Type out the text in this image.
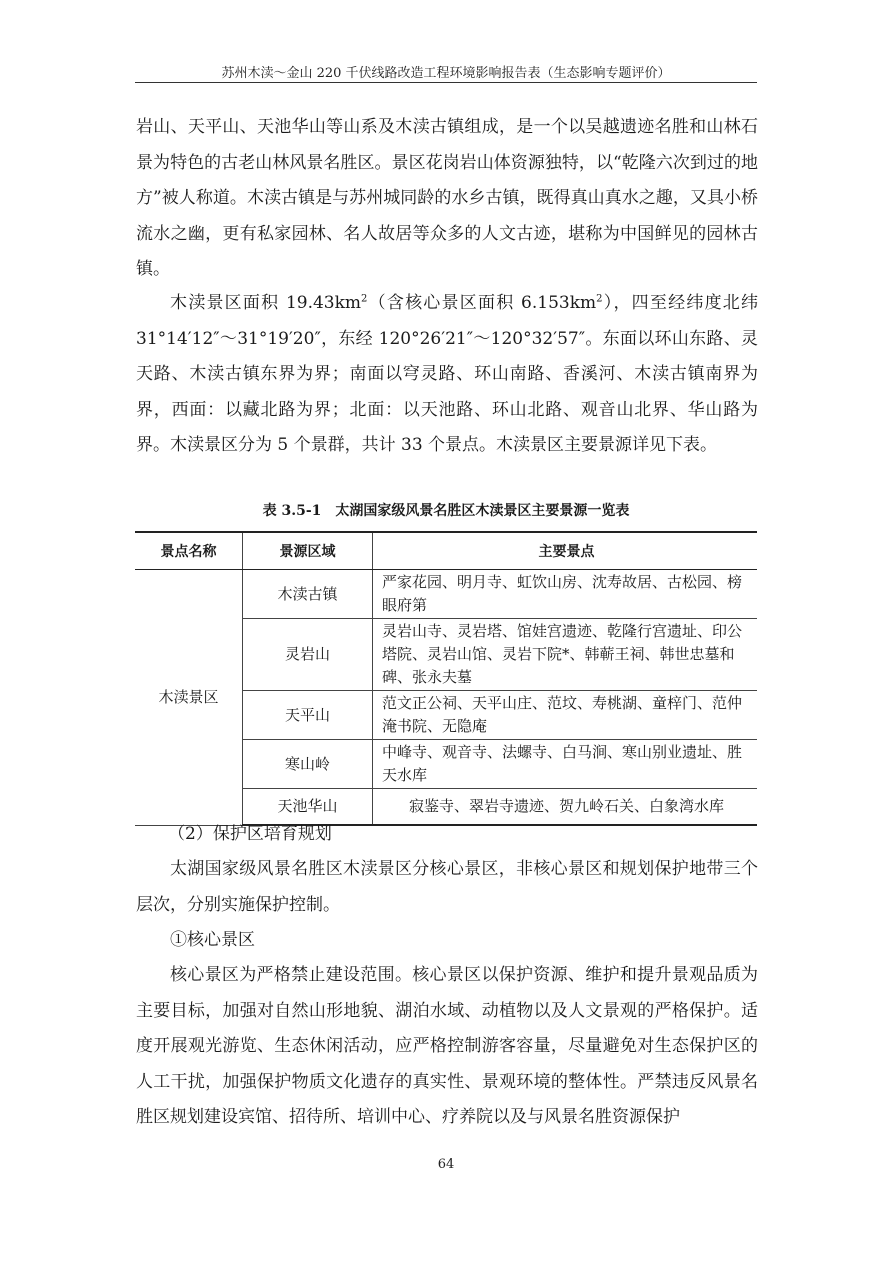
苏州木渎～金山 220 千伏线路改造工程环境影响报告表（生态影响专题评价）

岩山、天平山、天池华山等山系及木渎古镇组成，是一个以吴越遗迹名胜和山林石景为特色的古老山林风景名胜区。景区花岗岩山体资源独特，以“乾隆六次到过的地方”被人称道。木渎古镇是与苏州城同龄的水乡古镇，既得真山真水之趣，又具小桥流水之幽，更有私家园林、名人故居等众多的人文古迹，堪称为中国鲜见的园林古镇。

木渎景区面积 $19.43km^2$（含核心景区面积 $6.153km^2$），四至经纬度北纬 31°14′12″～31°19′20″，东经 120°26′21″～120°32′57″。东面以环山东路、灵天路、木渎古镇东界为界；南面以穹灵路、环山南路、香溪河、木渎古镇南界为界，西面：以藏北路为界；北面：以天池路、环山北路、观音山北界、华山路为界。木渎景区分为 5 个景群，共计 33 个景点。木渎景区主要景源详见下表。

表 3.5-1　太湖国家级风景名胜区木渎景区主要景源一览表
景点名称	景源区域	主要景点
木渎景区	木渎古镇	严家花园、明月寺、虹饮山房、沈寿故居、古松园、榜眼府第
	灵岩山	灵岩山寺、灵岩塔、馆娃宫遗迹、乾隆行宫遗址、印公塔院、灵岩山馆、灵岩下院*、韩蕲王祠、韩世忠墓和碑、张永夫墓
	天平山	范文正公祠、天平山庄、范坟、寿桃湖、童梓门、范仲淹书院、无隐庵
	寒山岭	中峰寺、观音寺、法螺寺、白马涧、寒山别业遗址、胜天水库
	天池华山	寂鉴寺、翠岩寺遗迹、贺九岭石关、白象湾水库

（2）保护区培育规划

太湖国家级风景名胜区木渎景区分核心景区，非核心景区和规划保护地带三个层次，分别实施保护控制。

①核心景区

核心景区为严格禁止建设范围。核心景区以保护资源、维护和提升景观品质为主要目标，加强对自然山形地貌、湖泊水域、动植物以及人文景观的严格保护。适度开展观光游览、生态休闲活动，应严格控制游客容量，尽量避免对生态保护区的人工干扰，加强保护物质文化遗存的真实性、景观环境的整体性。严禁违反风景名胜区规划建设宾馆、招待所、培训中心、疗养院以及与风景名胜资源保护

64
